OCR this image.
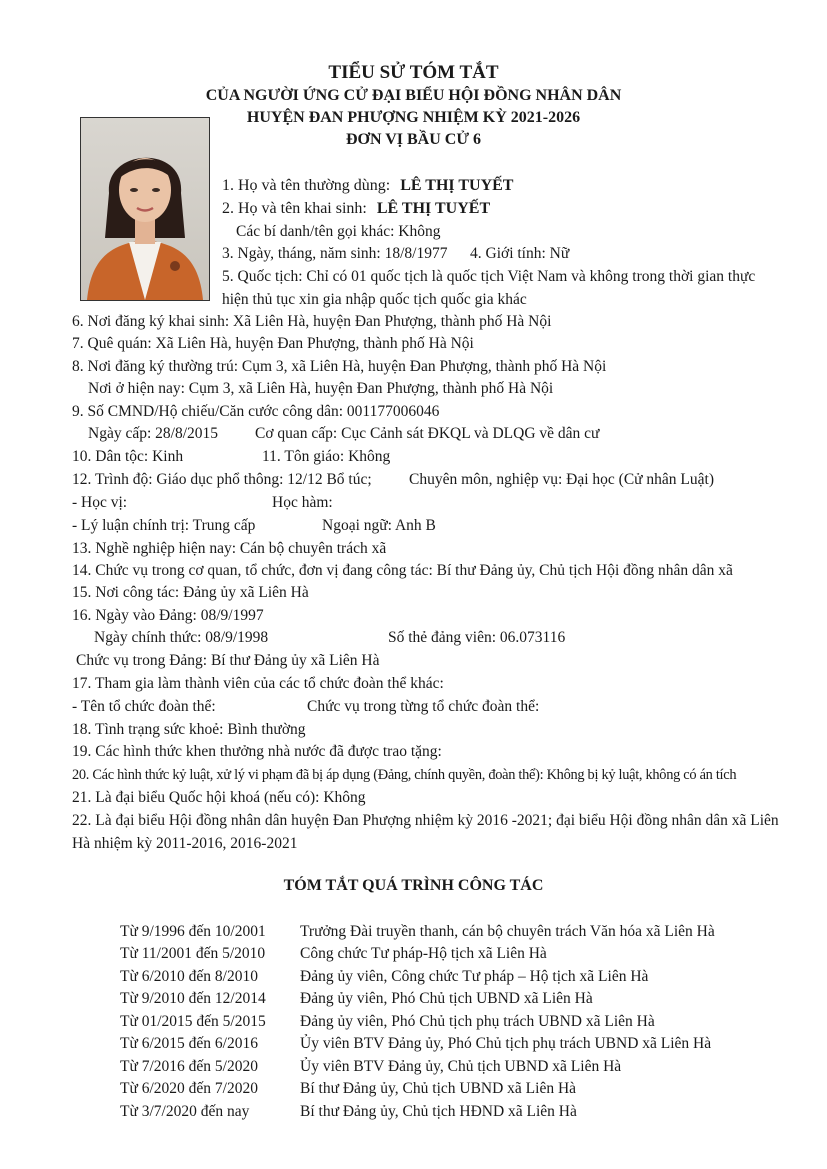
TIỂU SỬ TÓM TẮT
CỦA NGƯỜI ỨNG CỬ ĐẠI BIỂU HỘI ĐỒNG NHÂN DÂN
HUYỆN ĐAN PHƯỢNG NHIỆM KỲ 2021-2026
ĐƠN VỊ BẦU CỬ 6
1. Họ và tên thường dùng: LÊ THỊ TUYẾT
2. Họ và tên khai sinh: LÊ THỊ TUYẾT
Các bí danh/tên gọi khác: Không
3. Ngày, tháng, năm sinh: 18/8/1977 4. Giới tính: Nữ
5. Quốc tịch: Chỉ có 01 quốc tịch là quốc tịch Việt Nam và không trong thời gian thực
hiện thủ tục xin gia nhập quốc tịch quốc gia khác
6. Nơi đăng ký khai sinh: Xã Liên Hà, huyện Đan Phượng, thành phố Hà Nội
7. Quê quán: Xã Liên Hà, huyện Đan Phượng, thành phố Hà Nội
8. Nơi đăng ký thường trú: Cụm 3, xã Liên Hà, huyện Đan Phượng, thành phố Hà Nội
Nơi ở hiện nay: Cụm 3, xã Liên Hà, huyện Đan Phượng, thành phố Hà Nội
9. Số CMND/Hộ chiếu/Căn cước công dân: 001177006046
Ngày cấp: 28/8/2015 Cơ quan cấp: Cục Cảnh sát ĐKQL và DLQG về dân cư
10. Dân tộc: Kinh	11. Tôn giáo: Không
12. Trình độ: Giáo dục phổ thông: 12/12 Bổ túc; Chuyên môn, nghiệp vụ: Đại học (Cử nhân Luật)
- Học vị:	Học hàm:
- Lý luận chính trị: Trung cấp	Ngoại ngữ: Anh B
13. Nghề nghiệp hiện nay: Cán bộ chuyên trách xã
14. Chức vụ trong cơ quan, tổ chức, đơn vị đang công tác: Bí thư Đảng ủy, Chủ tịch Hội đồng nhân dân xã
15. Nơi công tác: Đảng ủy xã Liên Hà
16. Ngày vào Đảng: 08/9/1997
Ngày chính thức: 08/9/1998	Số thẻ đảng viên: 06.073116
Chức vụ trong Đảng: Bí thư Đảng ủy xã Liên Hà
17. Tham gia làm thành viên của các tổ chức đoàn thể khác:
- Tên tổ chức đoàn thể:	Chức vụ trong từng tổ chức đoàn thể:
18. Tình trạng sức khoẻ: Bình thường
19. Các hình thức khen thưởng nhà nước đã được trao tặng:
20. Các hình thức kỷ luật, xử lý vi phạm đã bị áp dụng (Đảng, chính quyền, đoàn thể): Không bị kỷ luật, không có án tích
21. Là đại biểu Quốc hội khoá (nếu có): Không
22. Là đại biểu Hội đồng nhân dân huyện Đan Phượng nhiệm kỳ 2016 -2021; đại biểu Hội đồng nhân dân xã Liên
Hà nhiệm kỳ 2011-2016, 2016-2021
TÓM TẮT QUÁ TRÌNH CÔNG TÁC
Từ 9/1996 đến 10/2001 Trưởng Đài truyền thanh, cán bộ chuyên trách Văn hóa xã Liên Hà
Từ 11/2001 đến 5/2010 Công chức Tư pháp-Hộ tịch xã Liên Hà
Từ 6/2010 đến 8/2010	Đảng ủy viên, Công chức Tư pháp – Hộ tịch xã Liên Hà
Từ 9/2010 đến 12/2014 Đảng ủy viên, Phó Chủ tịch UBND xã Liên Hà
Từ 01/2015 đến 5/2015 Đảng ủy viên, Phó Chủ tịch phụ trách UBND xã Liên Hà
Từ 6/2015 đến 6/2016	Ủy viên BTV Đảng ủy, Phó Chủ tịch phụ trách UBND xã Liên Hà
Từ 7/2016 đến 5/2020	Ủy viên BTV Đảng ủy, Chủ tịch UBND xã Liên Hà
Từ 6/2020 đến 7/2020	Bí thư Đảng ủy, Chủ tịch UBND xã Liên Hà
Từ 3/7/2020 đến nay	Bí thư Đảng ủy, Chủ tịch HĐND xã Liên Hà
